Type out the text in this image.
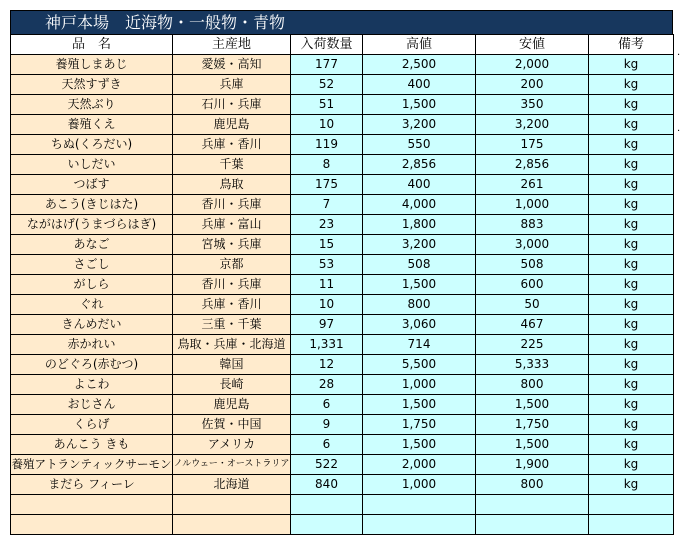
神戸本場　近海物・一般物・青物
品　名	主産地	入荷数量	高値	安値	備考
養殖しまあじ	愛媛・高知	177	2,500	2,000	kg
天然すずき	兵庫	52	400	200	kg
天然ぶり	石川・兵庫	51	1,500	350	kg
養殖くえ	鹿児島	10	3,200	3,200	kg
ちぬ(くろだい)	兵庫・香川	119	550	175	kg
いしだい	千葉	8	2,856	2,856	kg
つばす	鳥取	175	400	261	kg
あこう(きじはた)	香川・兵庫	7	4,000	1,000	kg
ながはげ(うまづらはぎ)	兵庫・富山	23	1,800	883	kg
あなご	宮城・兵庫	15	3,200	3,000	kg
さごし	京都	53	508	508	kg
がしら	香川・兵庫	11	1,500	600	kg
ぐれ	兵庫・香川	10	800	50	kg
きんめだい	三重・千葉	97	3,060	467	kg
赤かれい	鳥取・兵庫・北海道	1,331	714	225	kg
のどぐろ(赤むつ)	韓国	12	5,500	5,333	kg
よこわ	長崎	28	1,000	800	kg
おじさん	鹿児島	6	1,500	1,500	kg
くらげ	佐賀・中国	9	1,750	1,750	kg
あんこう きも	アメリカ	6	1,500	1,500	kg
養殖アトランティックサーモン	ノルウェー・オーストラリア	522	2,000	1,900	kg
まだら フィーレ	北海道	840	1,000	800	kg

·
·
